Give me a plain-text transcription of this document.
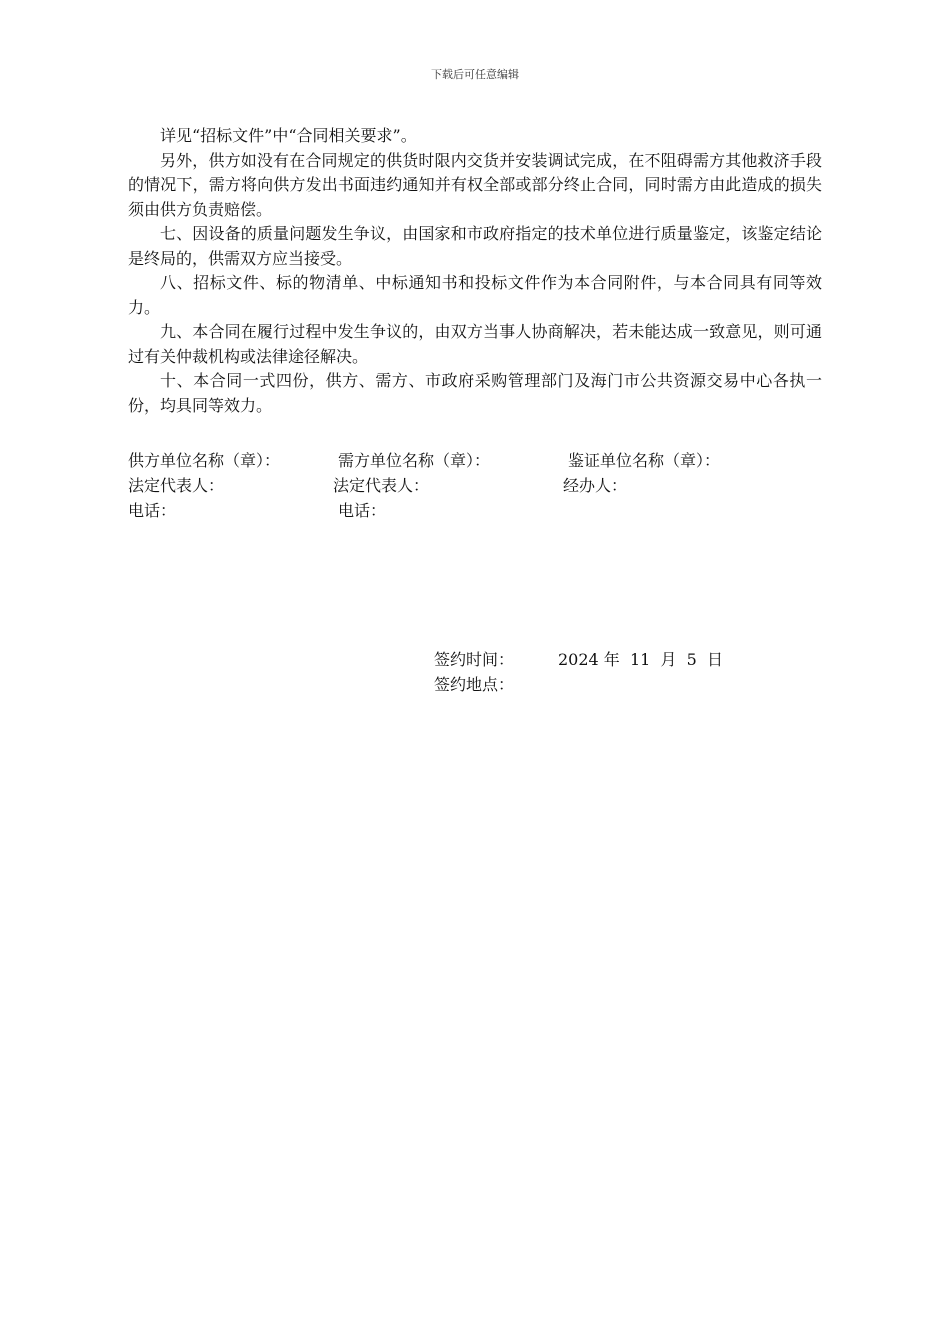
下载后可任意编辑

详见“招标文件”中“合同相关要求”。

另外，供方如没有在合同规定的供货时限内交货并安装调试完成，在不阻碍需方其他救济手段的情况下，需方将向供方发出书面违约通知并有权全部或部分终止合同，同时需方由此造成的损失须由供方负责赔偿。

七、因设备的质量问题发生争议，由国家和市政府指定的技术单位进行质量鉴定，该鉴定结论是终局的，供需双方应当接受。

八、招标文件、标的物清单、中标通知书和投标文件作为本合同附件，与本合同具有同等效力。

九、本合同在履行过程中发生争议的，由双方当事人协商解决，若未能达成一致意见，则可通过有关仲裁机构或法律途径解决。

十、本合同一式四份，供方、需方、市政府采购管理部门及海门市公共资源交易中心各执一份，均具同等效力。

供方单位名称（章）：	需方单位名称（章）：	鉴证单位名称（章）：
法定代表人：	法定代表人：	经办人：
电话：	电话：
签约时间：	2024 年  11  月  5  日
签约地点：
